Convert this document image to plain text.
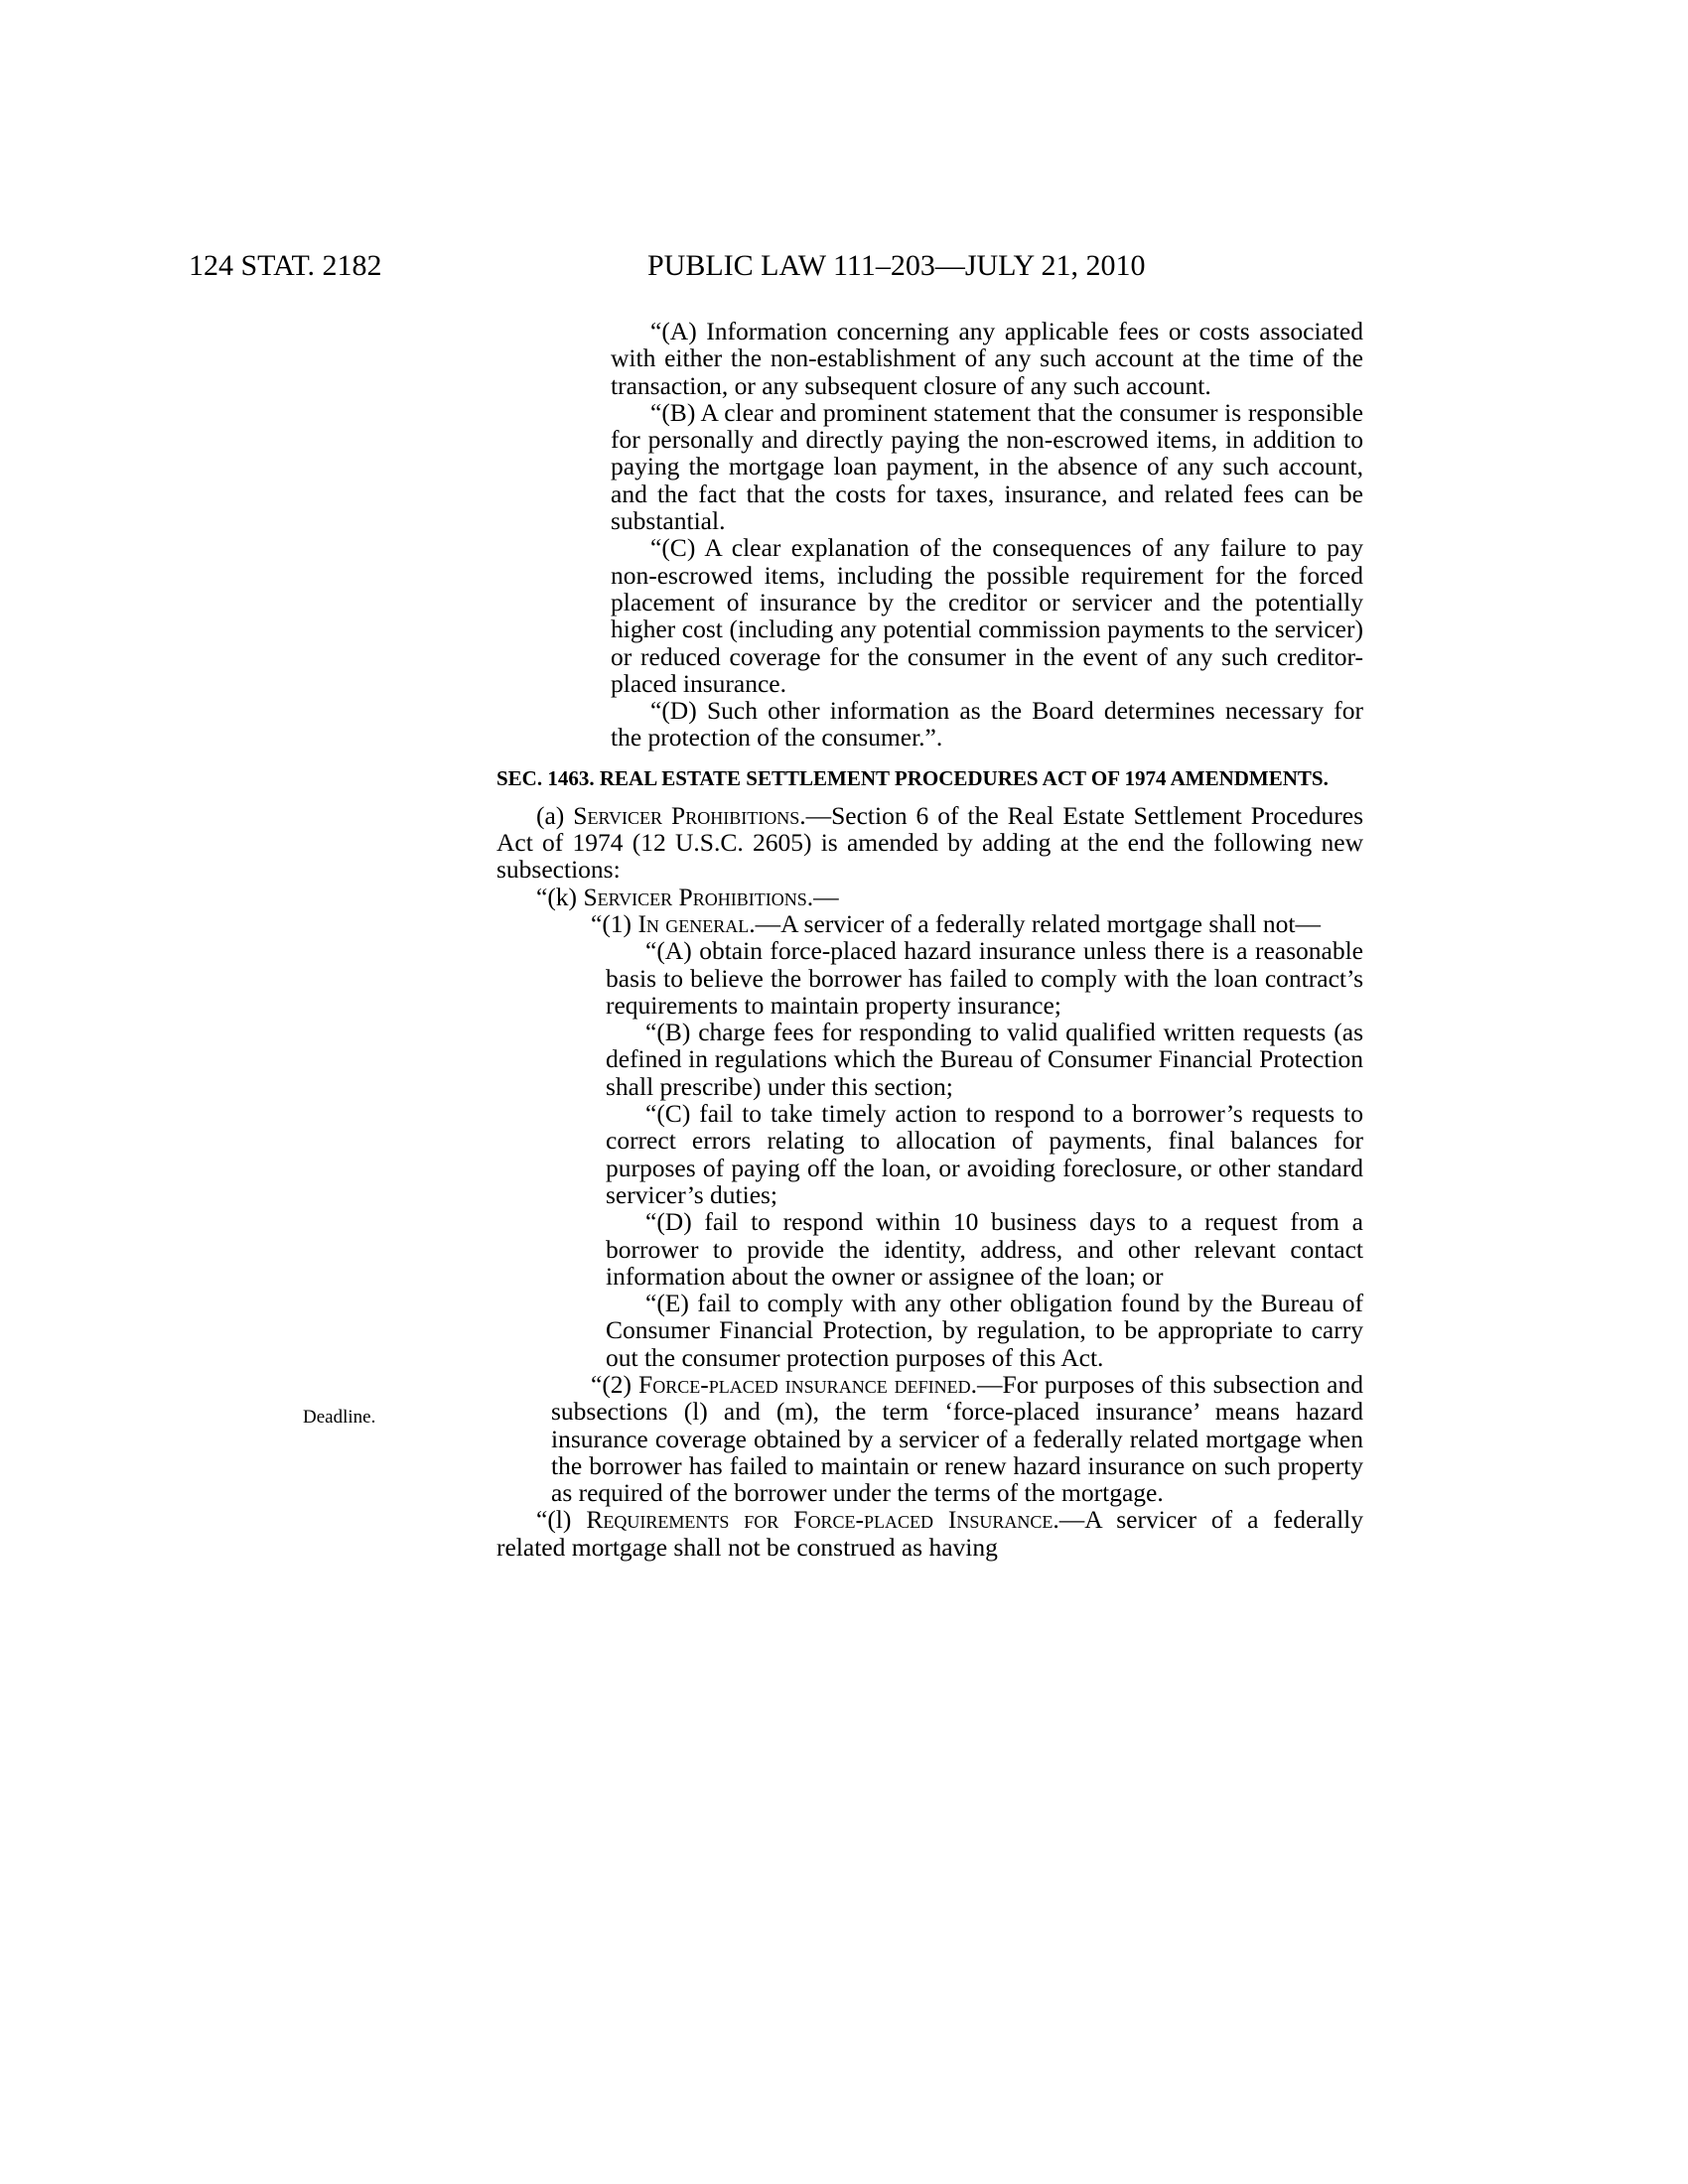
124 STAT. 2182	PUBLIC LAW 111–203—JULY 21, 2010
Deadline.

“(A) Information concerning any applicable fees or costs associated with either the non-establishment of any such account at the time of the transaction, or any subsequent closure of any such account.

“(B) A clear and prominent statement that the consumer is responsible for personally and directly paying the non-escrowed items, in addition to paying the mortgage loan payment, in the absence of any such account, and the fact that the costs for taxes, insurance, and related fees can be substantial.

“(C) A clear explanation of the consequences of any failure to pay non-escrowed items, including the possible requirement for the forced placement of insurance by the creditor or servicer and the potentially higher cost (including any potential commission payments to the servicer) or reduced coverage for the consumer in the event of any such creditor-placed insurance.

“(D) Such other information as the Board determines necessary for the protection of the consumer.”.

SEC. 1463. REAL ESTATE SETTLEMENT PROCEDURES ACT OF 1974 AMENDMENTS.

(a) Servicer Prohibitions.—Section 6 of the Real Estate Settlement Procedures Act of 1974 (12 U.S.C. 2605) is amended by adding at the end the following new subsections:

“(k) Servicer Prohibitions.—

“(1) In general.—A servicer of a federally related mortgage shall not—

“(A) obtain force-placed hazard insurance unless there is a reasonable basis to believe the borrower has failed to comply with the loan contract’s requirements to maintain property insurance;

“(B) charge fees for responding to valid qualified written requests (as defined in regulations which the Bureau of Consumer Financial Protection shall prescribe) under this section;

“(C) fail to take timely action to respond to a borrower’s requests to correct errors relating to allocation of payments, final balances for purposes of paying off the loan, or avoiding foreclosure, or other standard servicer’s duties;

“(D) fail to respond within 10 business days to a request from a borrower to provide the identity, address, and other relevant contact information about the owner or assignee of the loan; or

“(E) fail to comply with any other obligation found by the Bureau of Consumer Financial Protection, by regulation, to be appropriate to carry out the consumer protection purposes of this Act.

“(2) Force-placed insurance defined.—For purposes of this subsection and subsections (l) and (m), the term ‘force-placed insurance’ means hazard insurance coverage obtained by a servicer of a federally related mortgage when the borrower has failed to maintain or renew hazard insurance on such property as required of the borrower under the terms of the mortgage.

“(l) Requirements for Force-placed Insurance.—A servicer of a federally related mortgage shall not be construed as having
